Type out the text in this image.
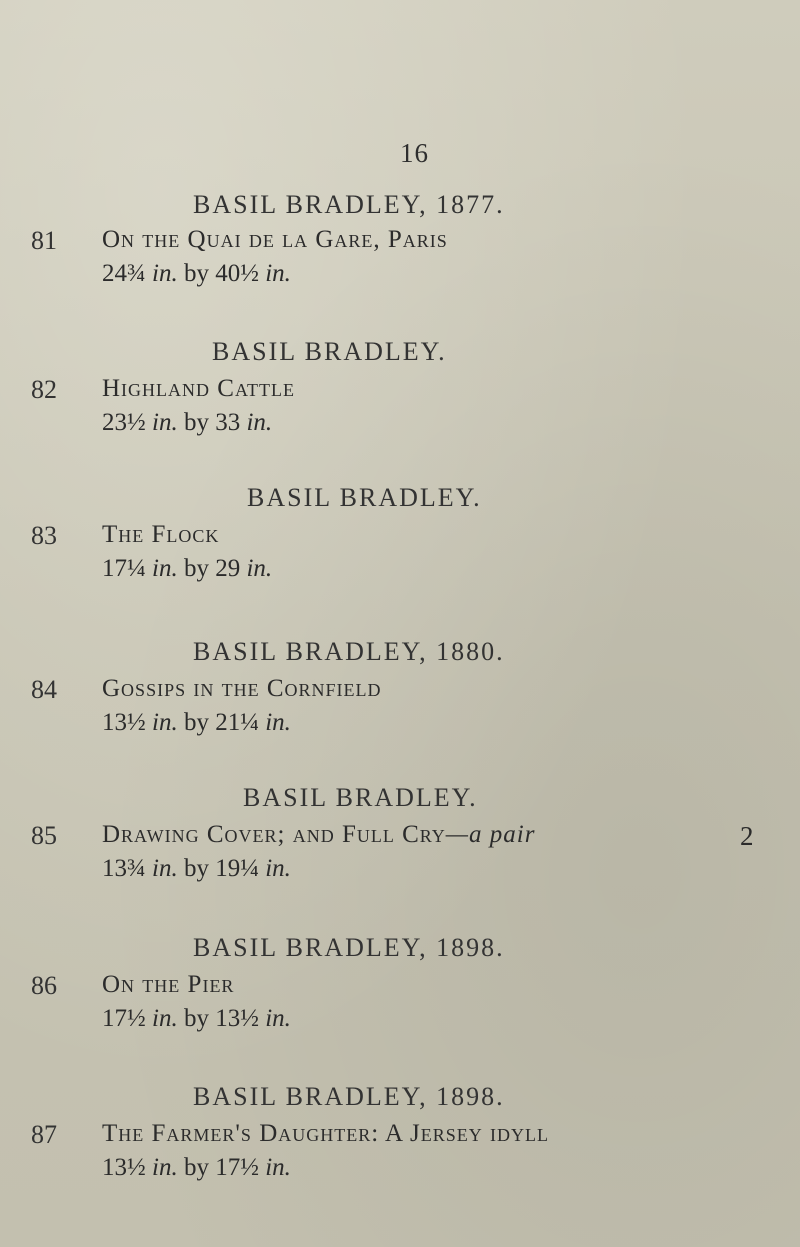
16
BASIL BRADLEY, 1877.
81 On the Quai de la Gare, Paris
24¾ in. by 40½ in.
BASIL BRADLEY.
82 Highland Cattle
23½ in. by 33 in.
BASIL BRADLEY.
83 The Flock
17¼ in. by 29 in.
BASIL BRADLEY, 1880.
84 Gossips in the Cornfield
13½ in. by 21¼ in.
BASIL BRADLEY.
85 Drawing Cover; and Full Cry—a pair	2
13¾ in. by 19¼ in.
BASIL BRADLEY, 1898.
86 On the Pier
17½ in. by 13½ in.
BASIL BRADLEY, 1898.
87 The Farmer's Daughter: A Jersey idyll
13½ in. by 17½ in.
